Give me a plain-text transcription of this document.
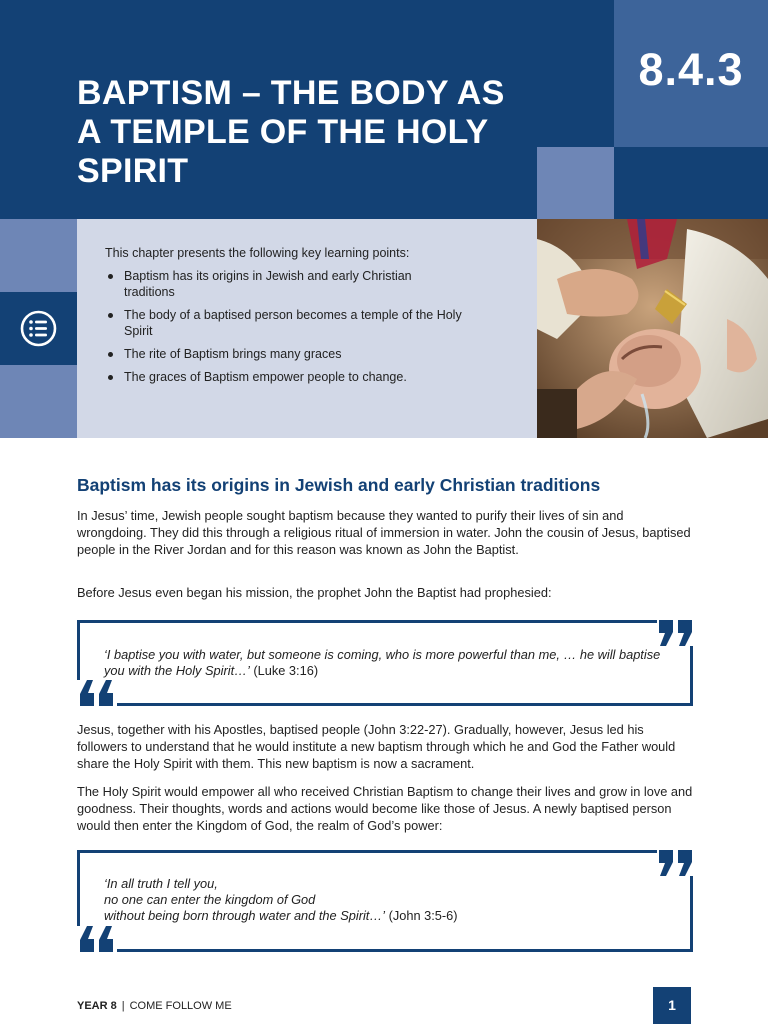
BAPTISM – THE BODY AS A TEMPLE OF THE HOLY SPIRIT
8.4.3
This chapter presents the following key learning points:
Baptism has its origins in Jewish and early Christian traditions
The body of a baptised person becomes a temple of the Holy Spirit
The rite of Baptism brings many graces
The graces of Baptism empower people to change.
Baptism has its origins in Jewish and early Christian traditions

In Jesus’ time, Jewish people sought baptism because they wanted to purify their lives of sin and wrongdoing. They did this through a religious ritual of immersion in water. John the cousin of Jesus, baptised people in the River Jordan and for this reason was known as John the Baptist.

Before Jesus even began his mission, the prophet John the Baptist had prophesied:

‘I baptise you with water, but someone is coming, who is more powerful than me, … he will baptise you with the Holy Spirit…’ (Luke 3:16)

Jesus, together with his Apostles, baptised people (John 3:22-27). Gradually, however, Jesus led his followers to understand that he would institute a new baptism through which he and God the Father would share the Holy Spirit with them. This new baptism is now a sacrament.

The Holy Spirit would empower all who received Christian Baptism to change their lives and grow in love and goodness. Their thoughts, words and actions would become like those of Jesus. A newly baptised person would then enter the Kingdom of God, the realm of God’s power:

‘In all truth I tell you,
no one can enter the kingdom of God
without being born through water and the Spirit…’ (John 3:5-6)
YEAR 8 | COME FOLLOW ME	1
